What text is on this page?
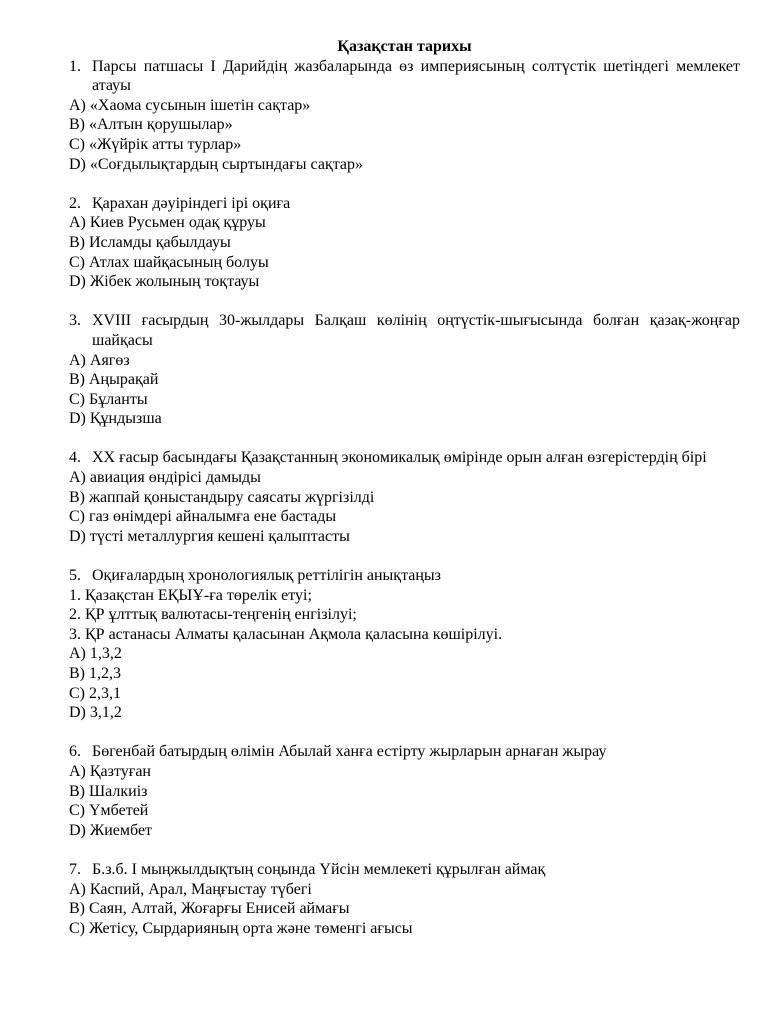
Қазақстан тарихы

1. Парсы патшасы I Дарийдің жазбаларында өз империясының солтүстік шетіндегі мемлекет атауы

A) «Хаома сусынын ішетін сақтар»

B) «Алтын қорушылар»

C) «Жүйрік атты турлар»

D) «Соғдылықтардың сыртындағы сақтар»

2. Қарахан дәуіріндегі ірі оқиға

A) Киев Русьмен одақ құруы

B) Исламды қабылдауы

C) Атлах шайқасының болуы

D) Жібек жолының тоқтауы

3. XVIII ғасырдың 30-жылдары Балқаш көлінің оңтүстік-шығысында болған қазақ-жоңғар шайқасы

A) Аягөз

B) Аңырақай

C) Бұланты

D) Құндызша

4. XX ғасыр басындағы Қазақстанның экономикалық өмірінде орын алған өзгерістердің бірі

A) авиация өндірісі дамыды

B) жаппай қоныстандыру саясаты жүргізілді

C) газ өнімдері айналымға ене бастады

D) түсті металлургия кешені қалыптасты

5. Оқиғалардың хронологиялық реттілігін анықтаңыз

1. Қазақстан ЕҚЫҰ-ға төрелік етуі;

2. ҚР ұлттық валютасы-теңгенің енгізілуі;

3. ҚР астанасы Алматы қаласынан Ақмола қаласына көшірілуі.

A) 1,3,2

B) 1,2,3

C) 2,3,1

D) 3,1,2

6. Бөгенбай батырдың өлімін Абылай ханға естірту жырларын арнаған жырау

A) Қазтуған

B) Шалкиіз

C) Үмбетей

D) Жиембет

7. Б.з.б. I мыңжылдықтың соңында Үйсін мемлекеті құрылған аймақ

A) Каспий, Арал, Маңғыстау түбегі

B) Саян, Алтай, Жоғарғы Енисей аймағы

C) Жетісу, Сырдарияның орта және төменгі ағысы
